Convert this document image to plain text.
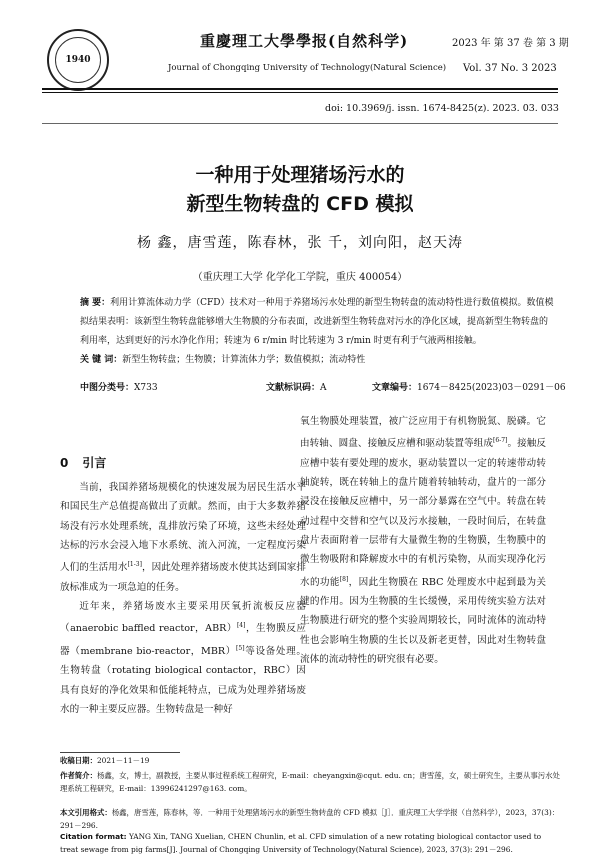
1940
重慶理工大學學报(自然科学)
Journal of Chongqing University of Technology(Natural Science)
2023 年 第 37 卷 第 3 期
Vol. 37 No. 3 2023
doi: 10.3969/j. issn. 1674-8425(z). 2023. 03. 033
一种用于处理猪场污水的
新型生物转盘的 CFD 模拟
杨 鑫，唐雪莲，陈春林，张 千，刘向阳，赵天涛
（重庆理工大学 化学化工学院，重庆 400054）
摘 要：利用计算流体动力学（CFD）技术对一种用于养猪场污水处理的新型生物转盘的流动特性进行数值模拟。数值模拟结果表明：该新型生物转盘能够增大生物膜的分布表面，改进新型生物转盘对污水的净化区域，提高新型生物转盘的利用率，达到更好的污水净化作用；转速为 6 r/min 时比转速为 3 r/min 时更有利于气液两相接触。
关 键 词：新型生物转盘；生物膜；计算流体力学；数值模拟；流动特性
中图分类号：X733	文献标识码：A	文章编号：1674－8425(2023)03－0291－06
0 引言

当前，我国养猪场规模化的快速发展为居民生活水平和国民生产总值提高做出了贡献。然而，由于大多数养猪场没有污水处理系统，乱排放污染了环境，这些未经处理达标的污水会浸入地下水系统、流入河流，一定程度污染人们的生活用水[1-3]，因此处理养猪场废水使其达到国家排放标准成为一项急迫的任务。

近年来，养猪场废水主要采用厌氧折流板反应器（anaerobic baffled reactor，ABR）[4]，生物膜反应器（membrane bio-reactor，MBR）[5]等设备处理。生物转盘（rotating biological contactor，RBC）因具有良好的净化效果和低能耗特点，已成为处理养猪场废水的一种主要反应器。生物转盘是一种好

氧生物膜处理装置，被广泛应用于有机物脱氮、脱磷。它由转轴、圆盘、接触反应槽和驱动装置等组成[6-7]。接触反应槽中装有要处理的废水，驱动装置以一定的转速带动转轴旋转，既在转轴上的盘片随着转轴转动，盘片的一部分浸没在接触反应槽中，另一部分暴露在空气中。转盘在转动过程中交替和空气以及污水接触，一段时间后，在转盘盘片表面附着一层带有大量微生物的生物膜，生物膜中的微生物吸附和降解废水中的有机污染物，从而实现净化污水的功能[8]，因此生物膜在 RBC 处理废水中起到最为关键的作用。因为生物膜的生长缓慢，采用传统实验方法对生物膜进行研究的整个实验周期较长，同时流体的流动特性也会影响生物膜的生长以及新老更替，因此对生物转盘流体的流动特性的研究很有必要。

收稿日期：2021－11－19
作者简介：杨鑫，女，博士，副教授，主要从事过程系统工程研究，E-mail：cheyangxin@cqut. edu. cn；唐雪莲，女，硕士研究生，主要从事污水处理系统工程研究，E-mail：13996241297@163. com。
本文引用格式：杨鑫，唐雪莲，陈春林，等．一种用于处理猪场污水的新型生物转盘的 CFD 模拟［J］．重庆理工大学学报（自然科学），2023，37(3)：291－296.
Citation format: YANG Xin, TANG Xuelian, CHEN Chunlin, et al. CFD simulation of a new rotating biological contactor used to treat sewage from pig farms[J]. Journal of Chongqing University of Technology(Natural Science), 2023, 37(3): 291－296.
